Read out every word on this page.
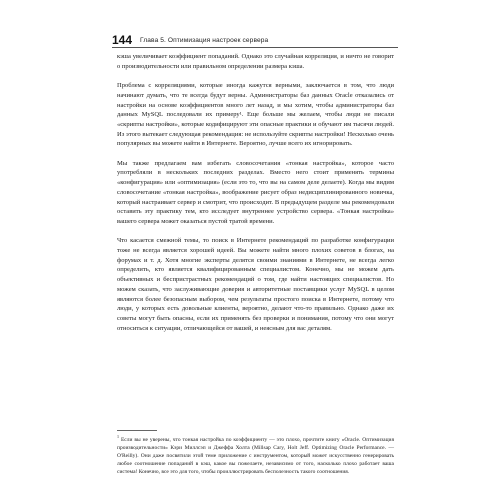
144 Глава 5. Оптимизация настроек сервера

кэша увеличивает коэффициент попаданий. Однако это случайная корреляция, и ничто не говорит о производительности или правильном определении размера кэша.

Проблема с корреляциями, которые иногда кажутся верными, заключается в том, что люди начинают думать, что те всегда будут верны. Администраторы баз данных Oracle отказались от настройки на основе коэффициентов много лет назад, и мы хотим, чтобы администраторы баз данных MySQL последовали их примеру¹. Еще больше мы желаем, чтобы люди не писали «скрипты настройки», которые кодифицируют эти опасные практики и обучают им тысячи людей. Из этого вытекает следующая рекомендация: не используйте скрипты настройки! Несколько очень популярных вы можете найти в Интернете. Вероятно, лучше всего их игнорировать.

Мы также предлагаем вам избегать словосочетания «тонкая настройка», которое часто употребляли в нескольких последних разделах. Вместо него стоит применять термины «конфигурация» или «оптимизация» (если это то, что вы на самом деле делаете). Когда мы видим словосочетание «тонкая настройка», воображение рисует образ недисциплинированного новичка, который настраивает сервер и смотрит, что происходит. В предыдущем разделе мы рекомендовали оставить эту практику тем, кто исследует внутреннее устройство сервера. «Тонкая настройка» вашего сервера может оказаться пустой тратой времени.

Что касается смежной темы, то поиск в Интернете рекомендаций по разработке конфигурации тоже не всегда является хорошей идеей. Вы можете найти много плохих советов в блогах, на форумах и т. д. Хотя многие эксперты делятся своими знаниями в Интернете, не всегда легко определить, кто является квалифицированным специалистом. Конечно, мы не можем дать объективных и беспристрастных рекомендаций о том, где найти настоящих специалистов. Но можем сказать, что заслуживающие доверия и авторитетные поставщики услуг MySQL в целом являются более безопасным выбором, чем результаты простого поиска в Интернете, потому что люди, у которых есть довольные клиенты, вероятно, делают что-то правильно. Однако даже их советы могут быть опасны, если их применять без проверки и понимания, потому что они могут относиться к ситуации, отличающейся от вашей, и неясным для вас деталям.

$^1$ Если вы не уверены, что тонкая настройка по коэффициенту — это плохо, прочтите книгу «Oracle. Оптимизация производительности» Кэри Миллсэп и Джеффа Холта (Millsap Cary, Holt Jeff. Optimizing Oracle Performance. — O'Reilly). Они даже посвятили этой теме приложение с инструментом, который может искусственно генерировать любое соотношение попаданий в кэш, какое вы пожелаете, независимо от того, насколько плохо работает ваша система! Конечно, все это для того, чтобы проиллюстрировать бесполезность такого соотношения.
